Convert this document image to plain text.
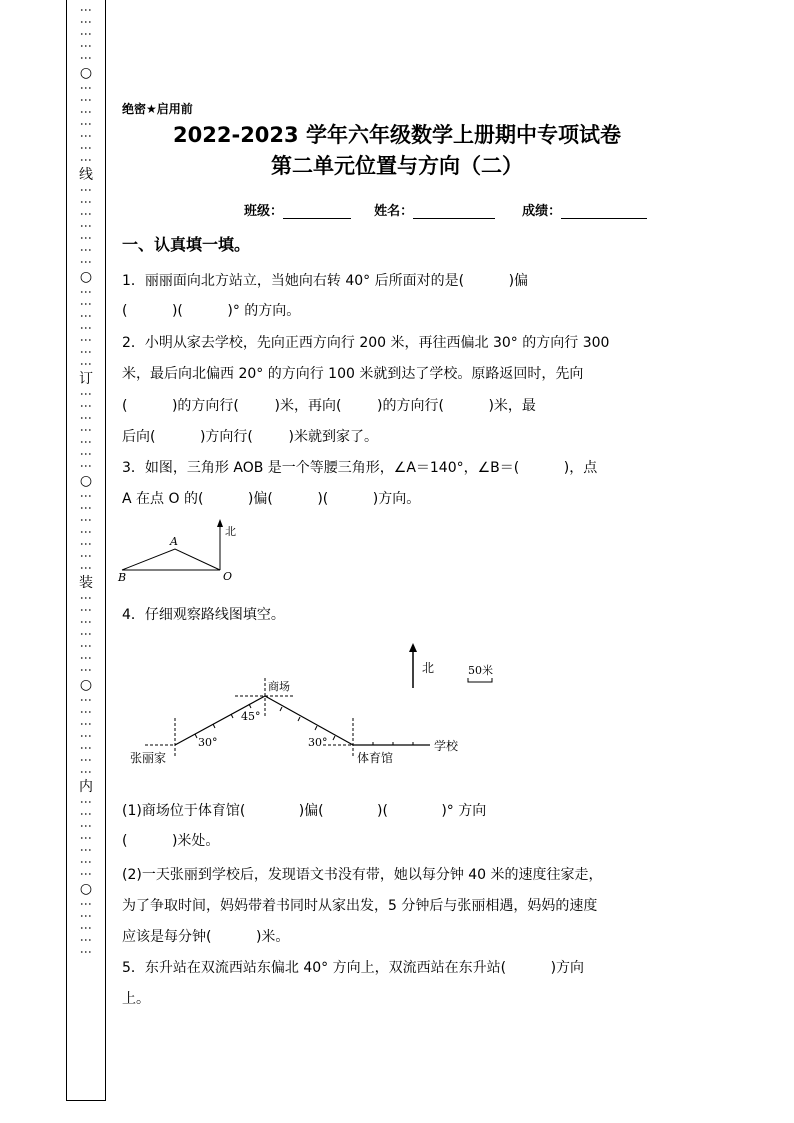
⋮⋮⋮⋮⋮
○
⋮⋮⋮⋮⋮⋮⋮
线
⋮⋮⋮⋮⋮⋮⋮
○
⋮⋮⋮⋮⋮⋮⋮
订
⋮⋮⋮⋮⋮⋮⋮
○
⋮⋮⋮⋮⋮⋮⋮
装
⋮⋮⋮⋮⋮⋮⋮
○
⋮⋮⋮⋮⋮⋮⋮
内
⋮⋮⋮⋮⋮⋮⋮
○
⋮⋮⋮⋮⋮
绝密★启用前
2022-2023 学年六年级数学上册期中专项试卷
第二单元位置与方向（二）
班级：	姓名：	成绩：
一、认真填一填。
1．丽丽面向北方站立，当她向右转 40° 后所面对的是(          )偏
(          )(          )° 的方向。
2．小明从家去学校，先向正西方向行 200 米，再往西偏北 30° 的方向行 300
米，最后向北偏西 20° 的方向行 100 米就到达了学校。原路返回时，先向
(          )的方向行(        )米，再向(        )的方向行(          )米，最
后向(          )方向行(        )米就到家了。
3．如图，三角形 AOB 是一个等腰三角形，∠A＝140°，∠B＝(          )，点
A 在点 O 的(          )偏(          )(          )方向。
北
A
B	O
4．仔细观察路线图填空。
北	50米
商场
45°
30°	30°
张丽家	体育馆
学校
(1)商场位于体育馆(            )偏(            )(            )° 方向
(          )米处。
(2)一天张丽到学校后，发现语文书没有带，她以每分钟 40 米的速度往家走，
为了争取时间，妈妈带着书同时从家出发，5 分钟后与张丽相遇，妈妈的速度
应该是每分钟(          )米。
5．东升站在双流西站东偏北 40° 方向上，双流西站在东升站(          )方向
上。
